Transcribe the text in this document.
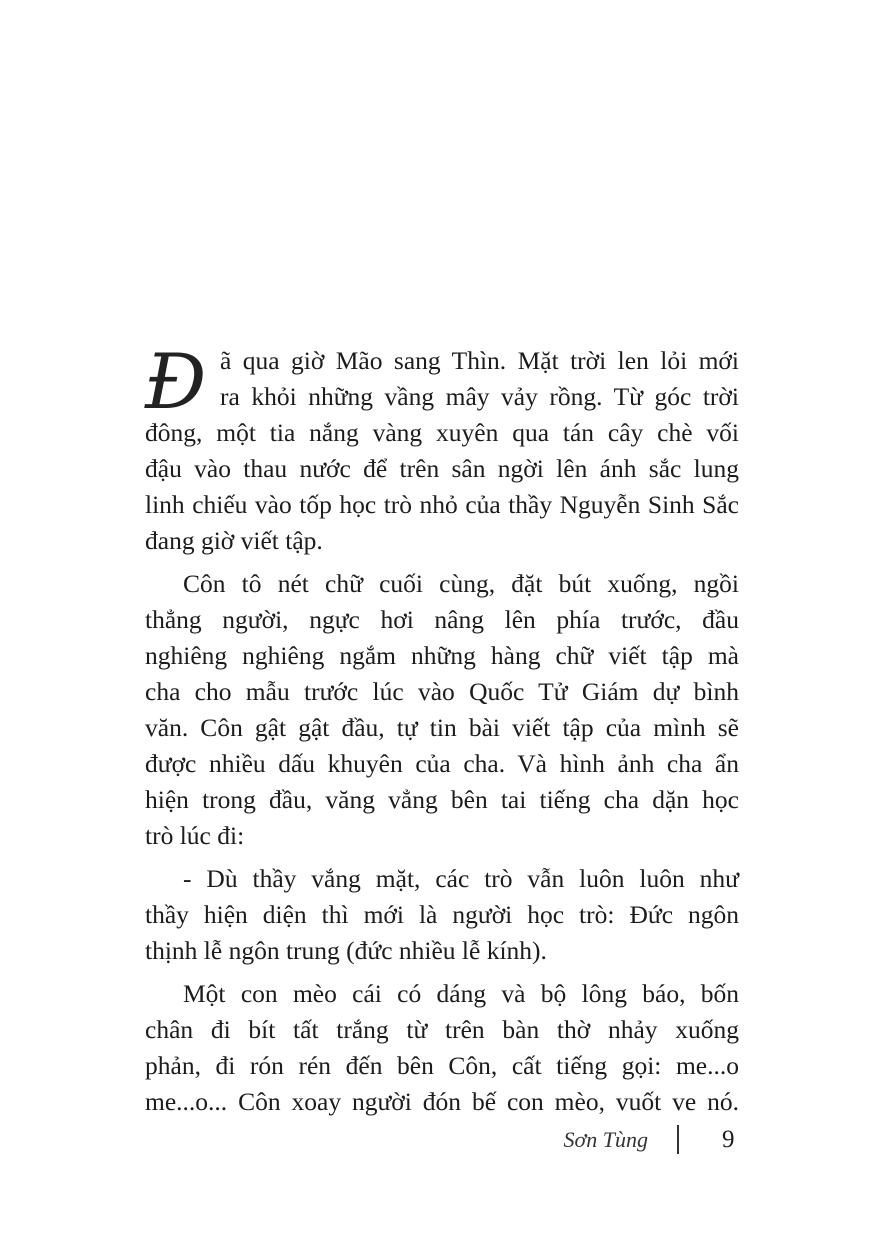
Đ ã qua giờ Mão sang Thìn. Mặt trời len lỏi mới
ra khỏi những vầng mây vảy rồng. Từ góc trời
đông, một tia nắng vàng xuyên qua tán cây chè vối
đậu vào thau nước để trên sân ngời lên ánh sắc lung
linh chiếu vào tốp học trò nhỏ của thầy Nguyễn Sinh Sắc
đang giờ viết tập.
Côn tô nét chữ cuối cùng, đặt bút xuống, ngồi
thẳng người, ngực hơi nâng lên phía trước, đầu
nghiêng nghiêng ngắm những hàng chữ viết tập mà
cha cho mẫu trước lúc vào Quốc Tử Giám dự bình
văn. Côn gật gật đầu, tự tin bài viết tập của mình sẽ
được nhiều dấu khuyên của cha. Và hình ảnh cha ẩn
hiện trong đầu, văng vẳng bên tai tiếng cha dặn học
trò lúc đi:
- Dù thầy vắng mặt, các trò vẫn luôn luôn như
thầy hiện diện thì mới là người học trò: Đức ngôn
thịnh lễ ngôn trung (đức nhiều lễ kính).
Một con mèo cái có dáng và bộ lông báo, bốn
chân đi bít tất trắng từ trên bàn thờ nhảy xuống
phản, đi rón rén đến bên Côn, cất tiếng gọi: me...o
me...o... Côn xoay người đón bế con mèo, vuốt ve nó.
Sơn Tùng	9
